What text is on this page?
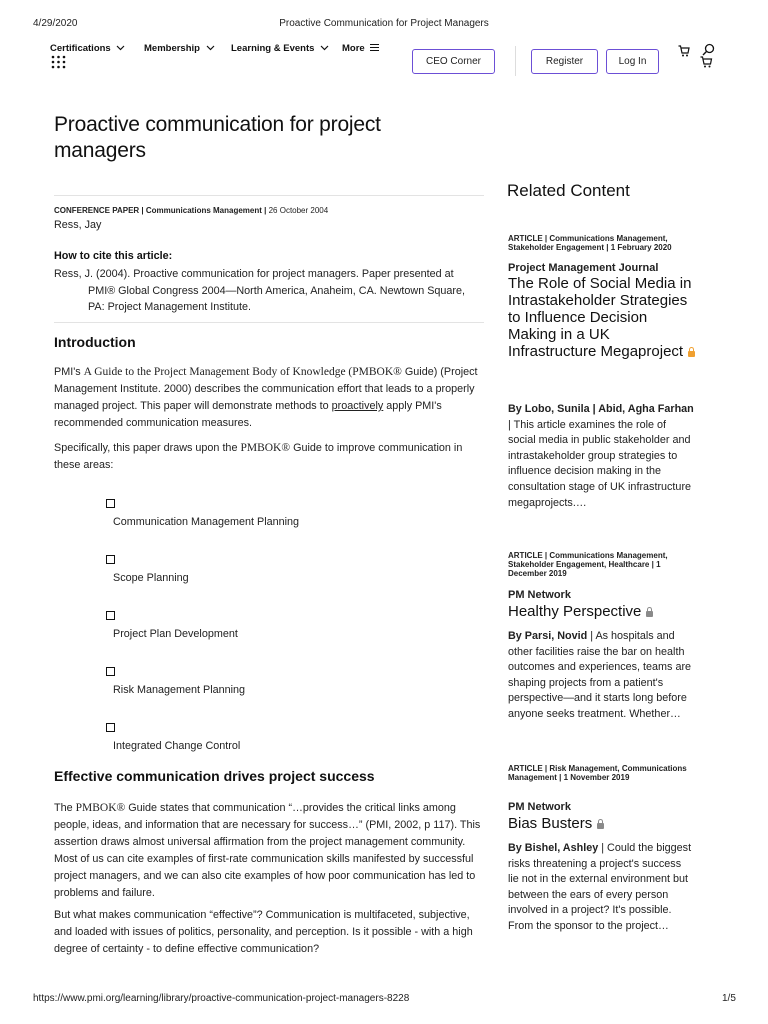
4/29/2020	Proactive Communication for Project Managers
Certifications	Membership	Learning & Events	More
CEO Corner	Register	Log In
Proactive communication for project managers
CONFERENCE PAPER | Communications Management | 26 October 2004
Ress, Jay
How to cite this article:
Ress, J. (2004). Proactive communication for project managers. Paper presented at PMI® Global Congress 2004—North America, Anaheim, CA. Newtown Square, PA: Project Management Institute.
Introduction
PMI's A Guide to the Project Management Body of Knowledge (PMBOK® Guide) (Project Management Institute. 2000) describes the communication effort that leads to a properly managed project. This paper will demonstrate methods to proactively apply PMI's recommended communication measures.
Specifically, this paper draws upon the PMBOK® Guide to improve communication in these areas:
Communication Management Planning
Scope Planning
Project Plan Development
Risk Management Planning
Integrated Change Control
Effective communication drives project success
The PMBOK® Guide states that communication “…provides the critical links among people, ideas, and information that are necessary for success…” (PMI, 2002, p 117). This assertion draws almost universal affirmation from the project management community. Most of us can cite examples of first-rate communication skills manifested by successful project managers, and we can also cite examples of how poor communication has led to problems and failure.
But what makes communication “effective”? Communication is multifaceted, subjective, and loaded with issues of politics, personality, and perception. Is it possible - with a high degree of certainty - to define effective communication?
Related Content
ARTICLE | Communications Management, Stakeholder Engagement | 1 February 2020
Project Management Journal
The Role of Social Media in Intrastakeholder Strategies to Influence Decision Making in a UK Infrastructure Megaproject
By Lobo, Sunila | Abid, Agha Farhan | This article examines the role of social media in public stakeholder and intrastakeholder group strategies to influence decision making in the consultation stage of UK infrastructure megaprojects.…
ARTICLE | Communications Management, Stakeholder Engagement, Healthcare | 1 December 2019
PM Network
Healthy Perspective
By Parsi, Novid | As hospitals and other facilities raise the bar on health outcomes and experiences, teams are shaping projects from a patient's perspective—and it starts long before anyone seeks treatment. Whether…
ARTICLE | Risk Management, Communications Management | 1 November 2019
PM Network
Bias Busters
By Bishel, Ashley | Could the biggest risks threatening a project's success lie not in the external environment but between the ears of every person involved in a project? It's possible. From the sponsor to the project…
https://www.pmi.org/learning/library/proactive-communication-project-managers-8228	1/5
